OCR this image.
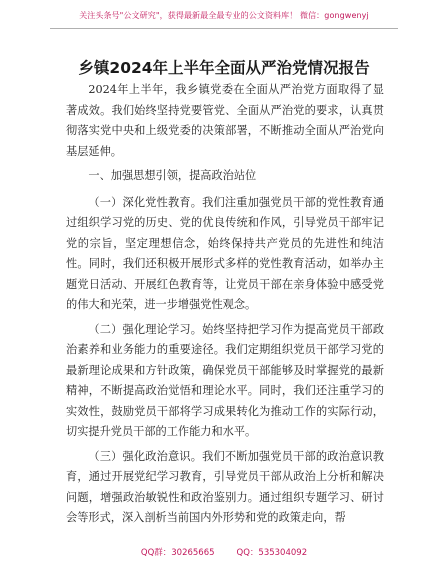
关注头条号"公文研究"，获得最新最全最专业的公文资料库！ 微信：gongwenyj
乡镇2024年上半年全面从严治党情况报告

2024年上半年，我乡镇党委在全面从严治党方面取得了显著成效。我们始终坚持党要管党、全面从严治党的要求，认真贯彻落实党中央和上级党委的决策部署，不断推动全面从严治党向基层延伸。

一、加强思想引领，提高政治站位

（一）深化党性教育。我们注重加强党员干部的党性教育通过组织学习党的历史、党的优良传统和作风，引导党员干部牢记党的宗旨，坚定理想信念，始终保持共产党员的先进性和纯洁性。同时，我们还积极开展形式多样的党性教育活动，如举办主题党日活动、开展红色教育等，让党员干部在亲身体验中感受党的伟大和光荣，进一步增强党性观念。

（二）强化理论学习。始终坚持把学习作为提高党员干部政治素养和业务能力的重要途径。我们定期组织党员干部学习党的最新理论成果和方针政策，确保党员干部能够及时掌握党的最新精神，不断提高政治觉悟和理论水平。同时，我们还注重学习的实效性，鼓励党员干部将学习成果转化为推动工作的实际行动，切实提升党员干部的工作能力和水平。

（三）强化政治意识。我们不断加强党员干部的政治意识教育，通过开展党纪学习教育，引导党员干部从政治上分析和解决问题，增强政治敏锐性和政治鉴别力。通过组织专题学习、研讨会等形式，深入剖析当前国内外形势和党的政策走向，帮

QQ群：30265665	QQ：535304092
